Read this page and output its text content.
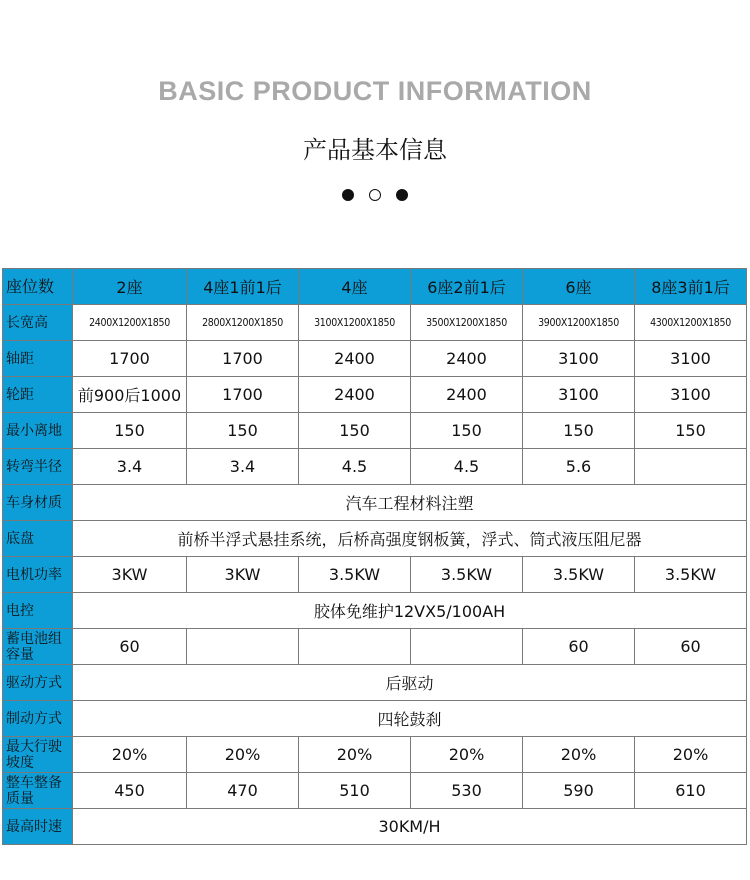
BASIC PRODUCT INFORMATION
产品基本信息
座位数	2座	4座1前1后	4座	6座2前1后	6座	8座3前1后
长宽高	2400X1200X1850	2800X1200X1850	3100X1200X1850	3500X1200X1850	3900X1200X1850	4300X1200X1850
轴距	1700	1700	2400	2400	3100	3100
轮距	前900后1000	1700	2400	2400	3100	3100
最小离地	150	150	150	150	150	150
转弯半径	3.4	3.4	4.5	4.5	5.6	
车身材质	汽车工程材料注塑					
底盘	前桥半浮式悬挂系统，后桥高强度钢板簧，浮式、筒式液压阻尼器					
电机功率	3KW	3KW	3.5KW	3.5KW	3.5KW	3.5KW
电控	胶体免维护12VX5/100AH					
蓄电池组容量	60				60	60
驱动方式	后驱动					
制动方式	四轮鼓刹					
最大行驶坡度	20%	20%	20%	20%	20%	20%
整车整备质量	450	470	510	530	590	610
最高时速	30KM/H					
